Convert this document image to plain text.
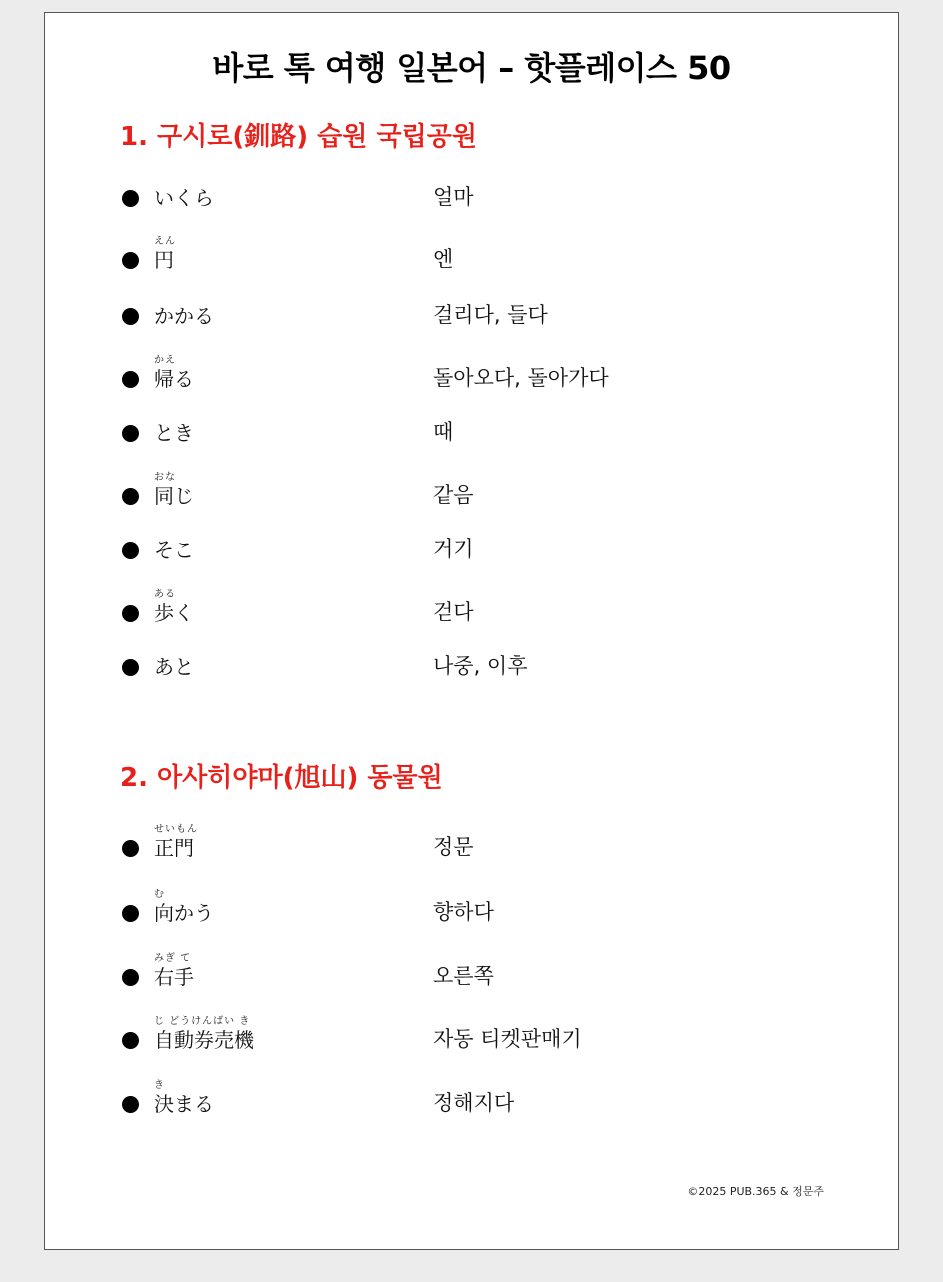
바로 톡 여행 일본어 – 핫플레이스 50
1. 구시로(釧路) 습원 국립공원
いくら	얼마
えん
円	엔
かかる	걸리다, 들다
かえ
帰る	돌아오다, 돌아가다
とき	때
おな
同じ	같음
そこ	거기
ある
歩く	걷다
あと	나중, 이후
2. 아사히야마(旭山) 동물원
せいもん
正門	정문
む
向かう	향하다
みぎ て
右手	오른쪽
じ どうけんばい き
自動券売機	자동 티켓판매기
き
決まる	정해지다
©2025 PUB.365 & 정문주
